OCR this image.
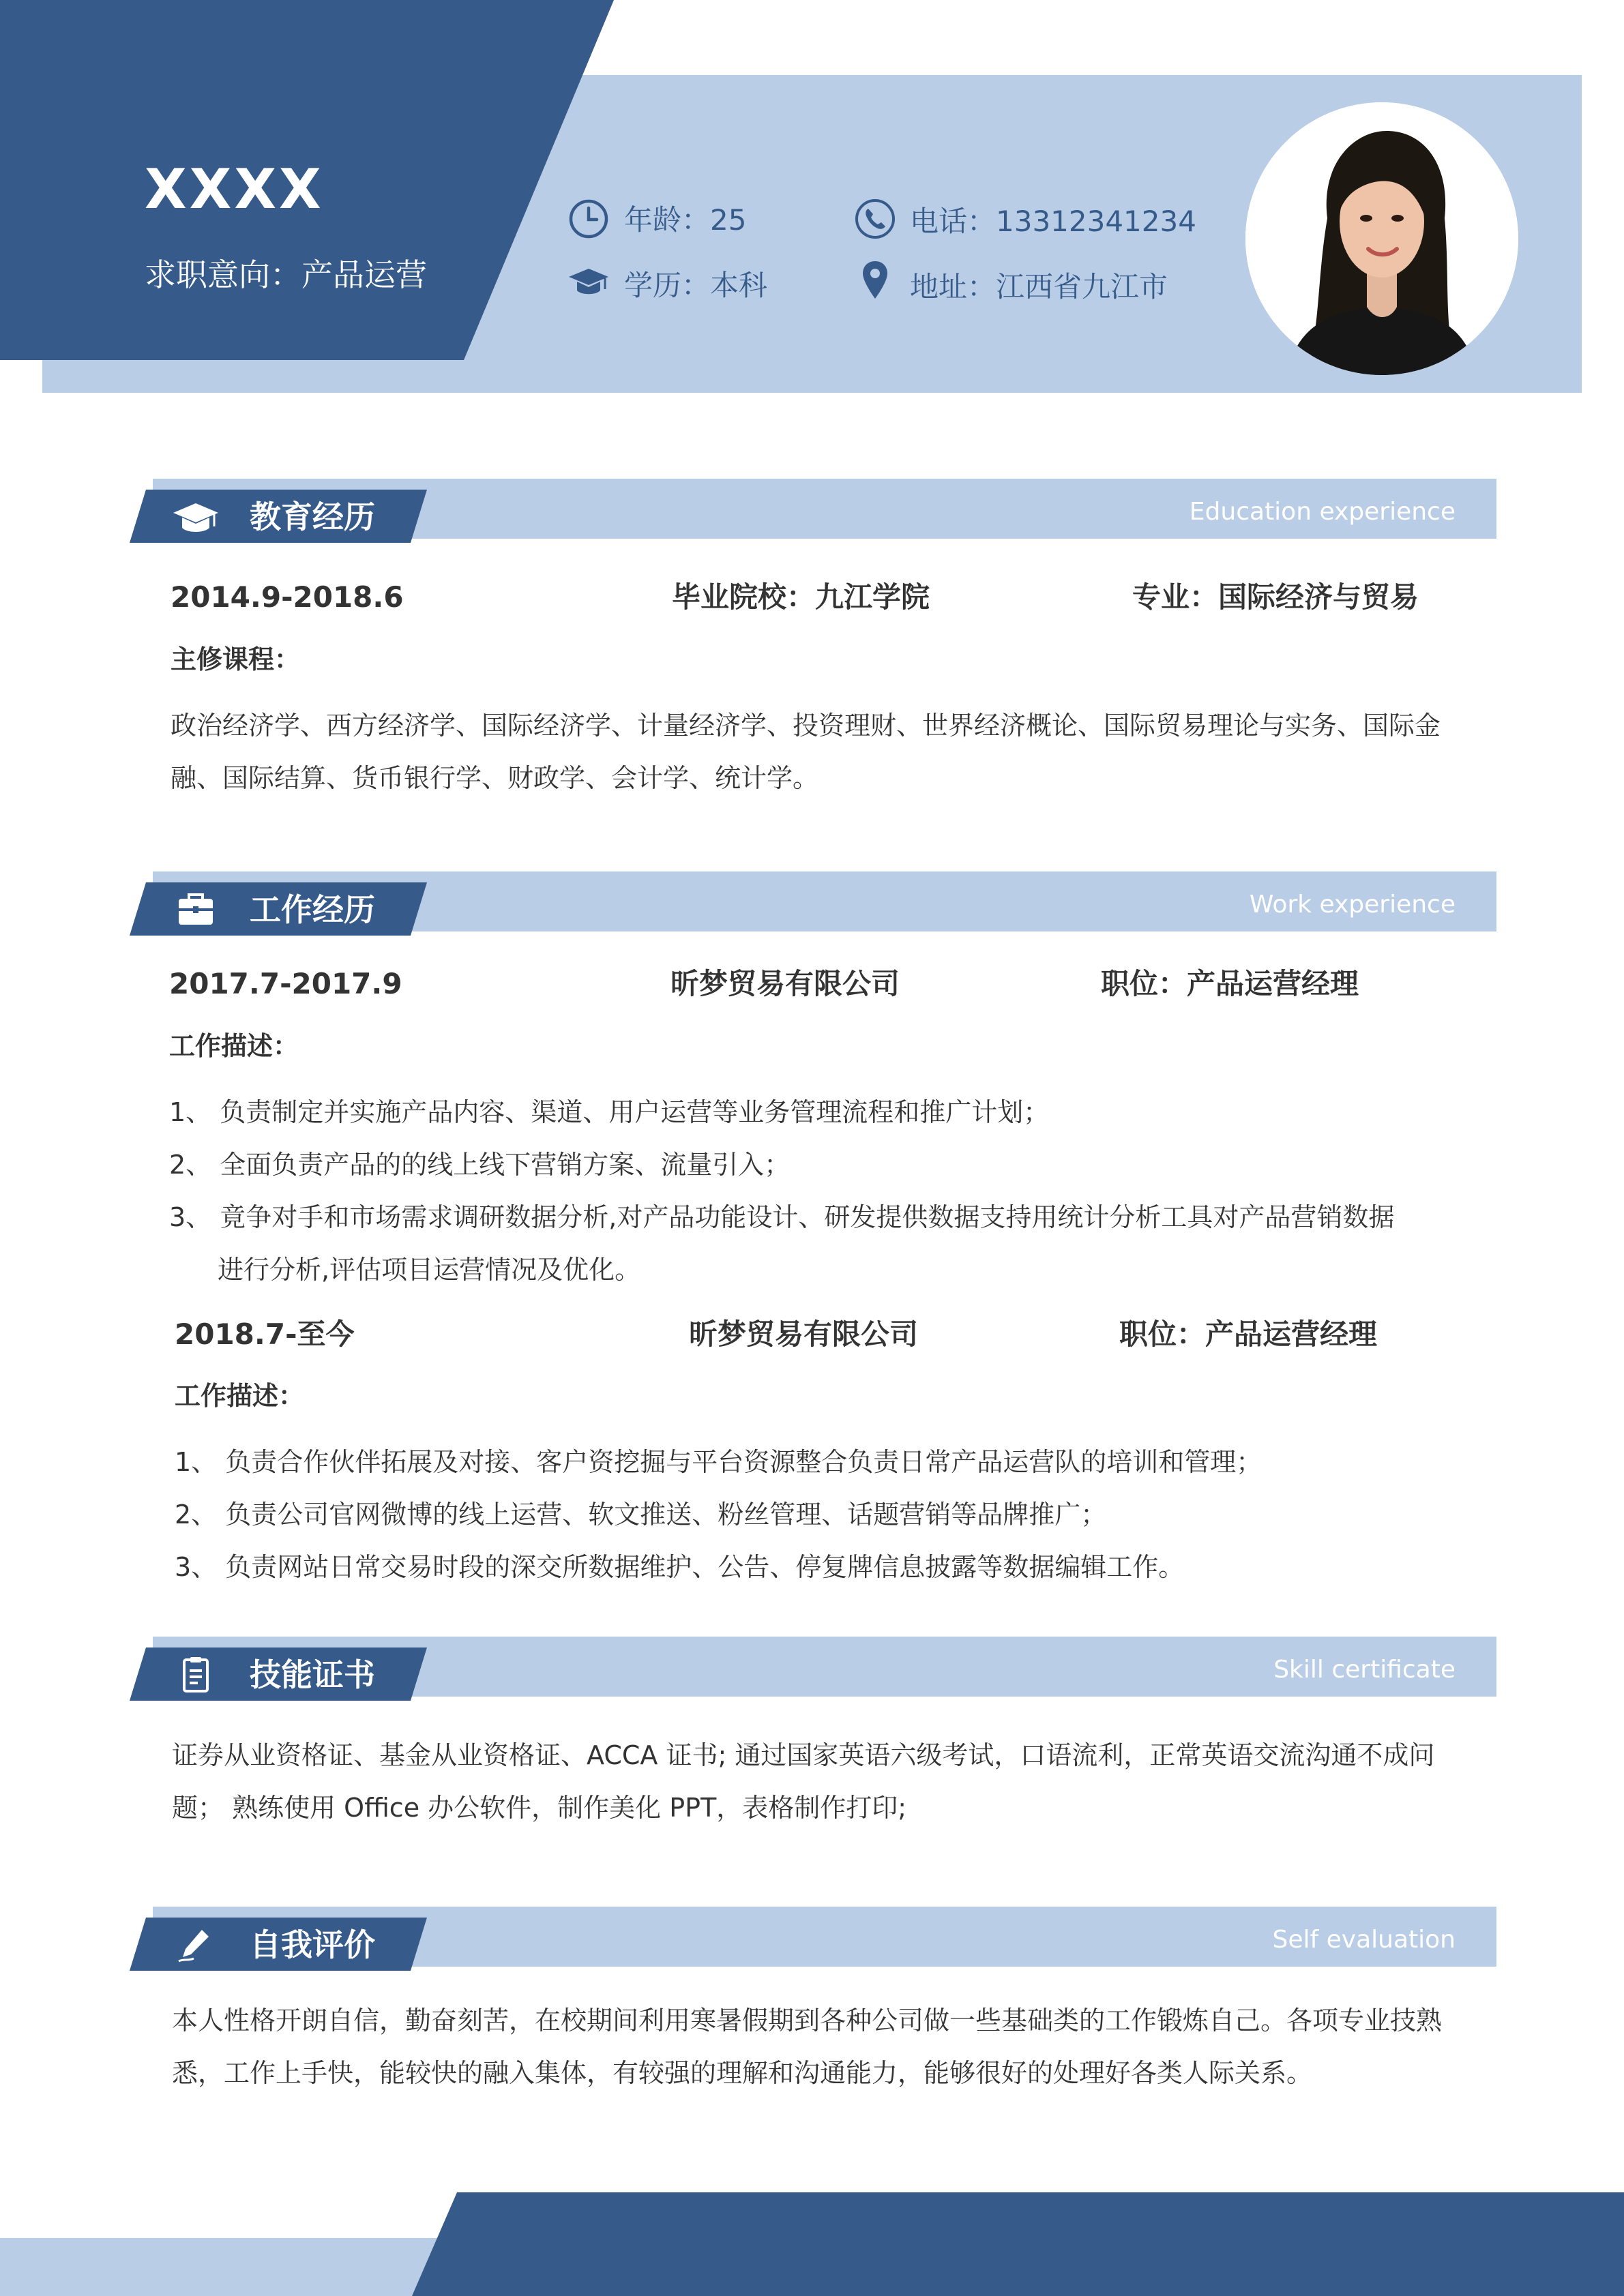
XXXX
求职意向：产品运营
年龄：25
学历：本科
电话：13312341234
地址：江西省九江市
教育经历	Education experience
2014.9-2018.6	毕业院校：九江学院	专业：国际经济与贸易
主修课程：
政治经济学、西方经济学、国际经济学、计量经济学、投资理财、世界经济概论、国际贸易理论与实务、国际金融、国际结算、货币银行学、财政学、会计学、统计学。
工作经历	Work experience
2017.7-2017.9	昕梦贸易有限公司	职位：产品运营经理
工作描述：
1、 负责制定并实施产品内容、渠道、用户运营等业务管理流程和推广计划；
2、 全面负责产品的的线上线下营销方案、流量引入；
3、 竟争对手和市场需求调研数据分析,对产品功能设计、研发提供数据支持用统计分析工具对产品营销数据
进行分析,评估项目运营情况及优化。
2018.7-至今	昕梦贸易有限公司	职位：产品运营经理
工作描述：
1、 负责合作伙伴拓展及对接、客户资挖掘与平台资源整合负责日常产品运营队的培训和管理；
2、 负责公司官网微博的线上运营、软文推送、粉丝管理、话题营销等品牌推广；
3、 负责网站日常交易时段的深交所数据维护、公告、停复牌信息披露等数据编辑工作。
技能证书	Skill certificate
证券从业资格证、基金从业资格证、ACCA 证书; 通过国家英语六级考试，口语流利，正常英语交流沟通不成问题； 熟练使用 Office 办公软件，制作美化 PPT，表格制作打印;
自我评价	Self evaluation
本人性格开朗自信，勤奋刻苦，在校期间利用寒暑假期到各种公司做一些基础类的工作锻炼自己。各项专业技熟悉，工作上手快，能较快的融入集体，有较强的理解和沟通能力，能够很好的处理好各类人际关系。
